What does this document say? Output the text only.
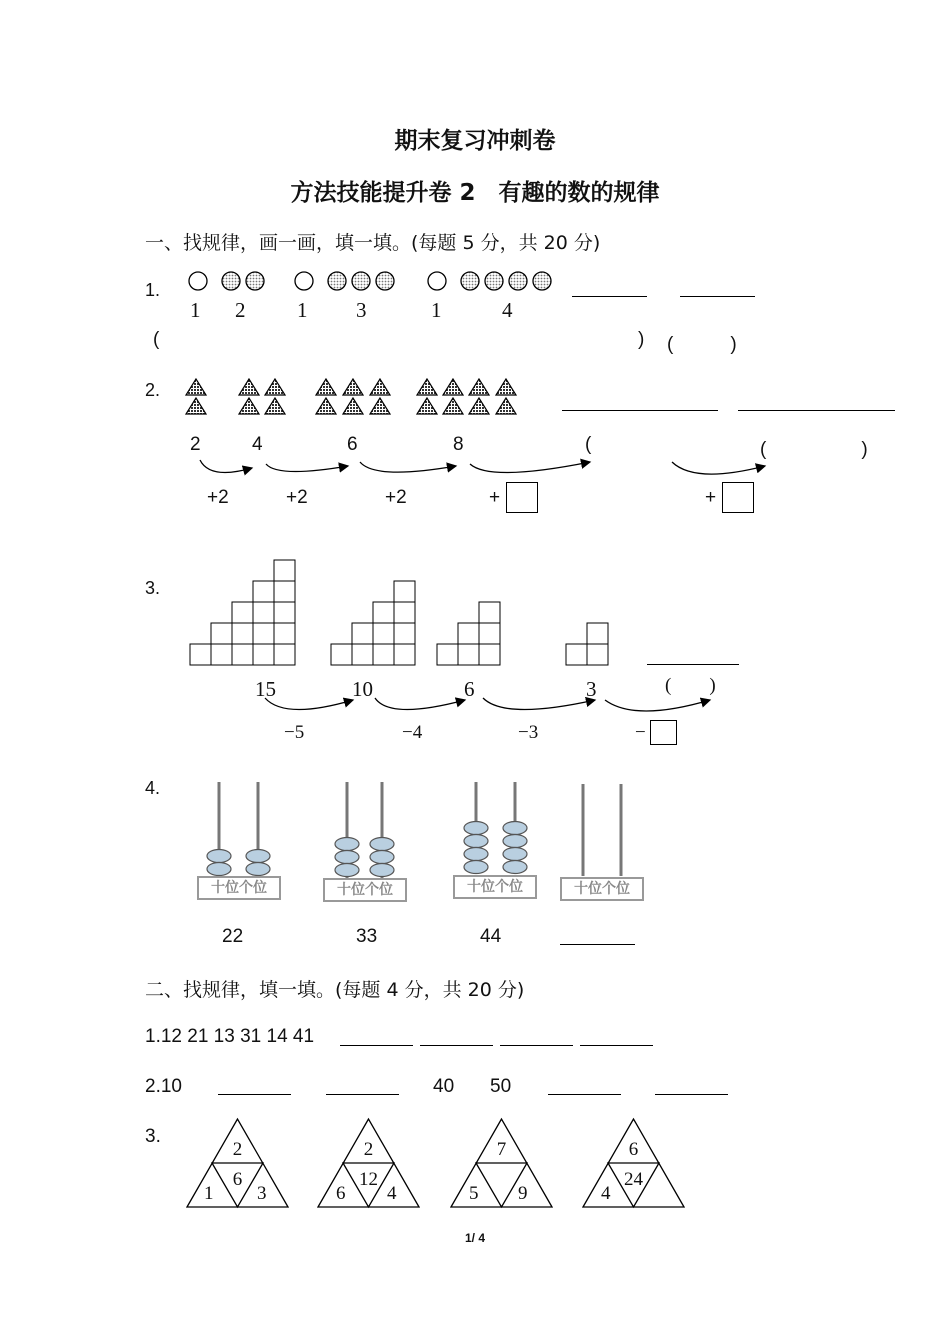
期末复习冲刺卷
方法技能提升卷 2　有趣的数的规律
一、找规律，画一画，填一填。(每题 5 分，共 20 分)
1.
1 2 1 3	1	4
(	) (　　　)
2.
2	4	6	8	(	(　　　　　)
+2	+2	+2	+	+
3.
15	10	6	3	(　　)
−5	−4	−3	−
4.
十位个位	十位个位	十位个位	十位个位
22	33	44
二、找规律，填一填。(每题 4 分，共 20 分)
1.12 21 13 31 14 41
2.10	40 50
3.
2
6
1 3
2
12
6 4
7
5 9
6
24
4
1/ 4
